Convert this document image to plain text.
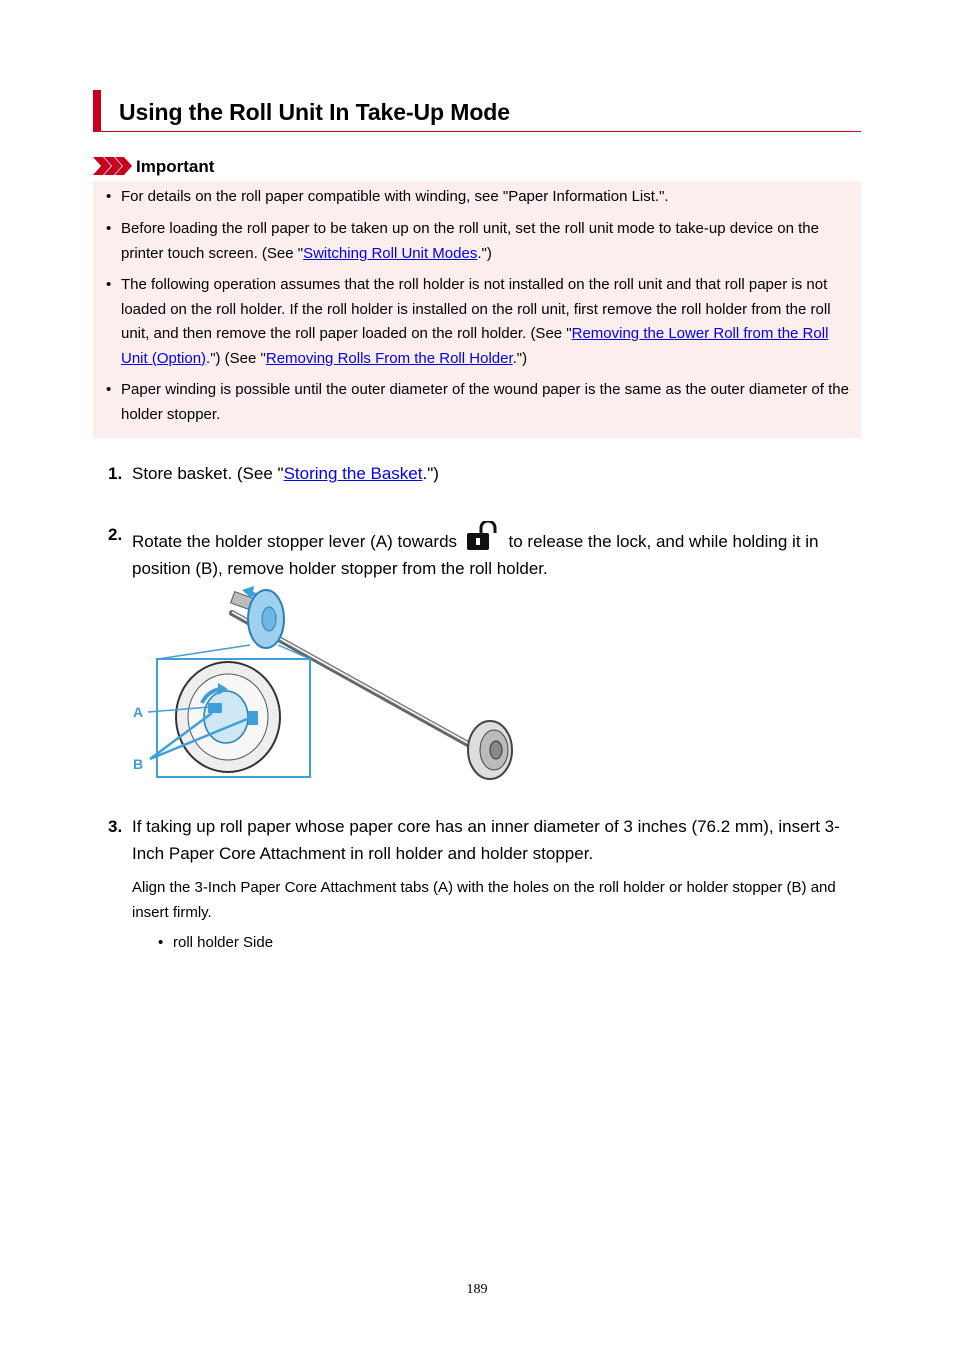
Using the Roll Unit In Take-Up Mode
Important
• For details on the roll paper compatible with winding, see "Paper Information List.".
• Before loading the roll paper to be taken up on the roll unit, set the roll unit mode to take-up device on the printer touch screen. (See "Switching Roll Unit Modes.")
• The following operation assumes that the roll holder is not installed on the roll unit and that roll paper is not loaded on the roll holder. If the roll holder is installed on the roll unit, first remove the roll holder from the roll unit, and then remove the roll paper loaded on the roll holder. (See "Removing the Lower Roll from the Roll Unit (Option).") (See "Removing Rolls From the Roll Holder.")
• Paper winding is possible until the outer diameter of the wound paper is the same as the outer diameter of the holder stopper.
1. Store basket. (See "Storing the Basket.")
2. Rotate the holder stopper lever (A) towards	to release the lock, and while holding it in position (B), remove holder stopper from the roll holder.
A
B
3. If taking up roll paper whose paper core has an inner diameter of 3 inches (76.2 mm), insert 3-Inch Paper Core Attachment in roll holder and holder stopper.
Align the 3-Inch Paper Core Attachment tabs (A) with the holes on the roll holder or holder stopper (B) and insert firmly.
• roll holder Side
189
